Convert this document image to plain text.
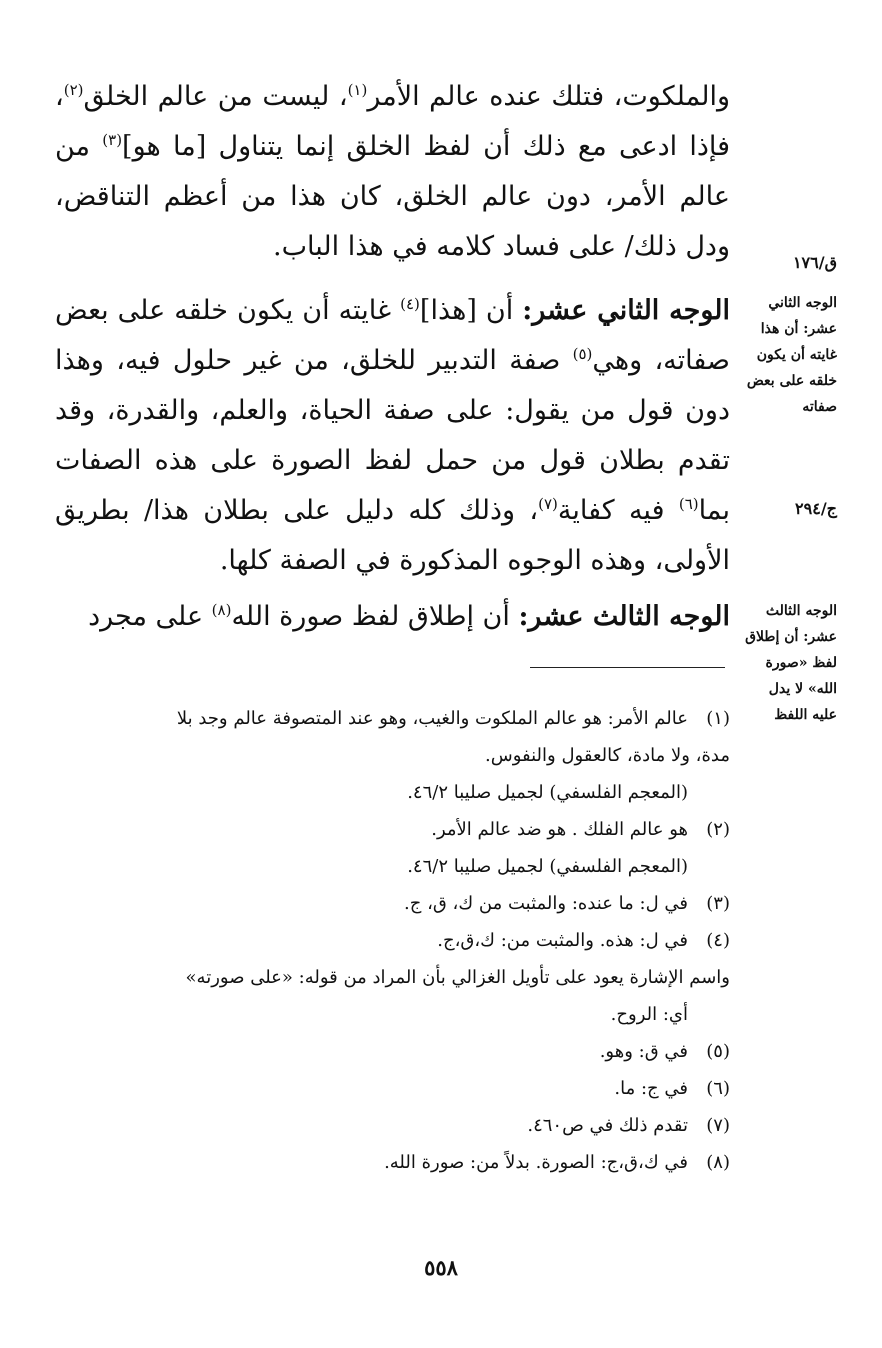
والملكوت، فتلك عنده عالم الأمر$^{(١)}$، ليست من عالم الخلق$^{(٢)}$، فإذا ادعى مع ذلك أن لفظ الخلق إنما يتناول [ما هو]$^{(٣)}$ من عالم الأمر، دون عالم الخلق، كان هذا من أعظم التناقض، ودل ذلك/ على فساد كلامه في هذا الباب.

الوجه الثاني عشر: أن [هذا]$^{(٤)}$ غايته أن يكون خلقه على بعض صفاته، وهي$^{(٥)}$ صفة التدبير للخلق، من غير حلول فيه، وهذا دون قول من يقول: على صفة الحياة، والعلم، والقدرة، وقد تقدم بطلان قول من حمل لفظ الصورة على هذه الصفات بما$^{(٦)}$ فيه كفاية$^{(٧)}$، وذلك كله دليل على بطلان هذا/ بطريق الأولى، وهذه الوجوه المذكورة في الصفة كلها.

الوجه الثالث عشر: أن إطلاق لفظ صورة الله$^{(٨)}$ على مجرد

ق/١٧٦

الوجه الثاني عشر: أن هذا غايته أن يكون خلقه على بعض صفاته

ج/٢٩٤

الوجه الثالث عشر: أن إطلاق لفظ «صورة الله» لا يدل عليه اللفظ

(١)
عالم الأمر: هو عالم الملكوت والغيب، وهو عند المتصوفة عالم وجد بلا
مدة، ولا مادة، كالعقول والنفوس.
(المعجم الفلسفي) لجميل صليبا ٤٦/٢.
(٢)
هو عالم الفلك . هو ضد عالم الأمر.
(المعجم الفلسفي) لجميل صليبا ٤٦/٢.
(٣)
في ل: ما عنده: والمثبت من ك، ق، ج.
(٤)
في ل: هذه. والمثبت من: ك،ق،ج.
واسم الإشارة يعود على تأويل الغزالي بأن المراد من قوله: «على صورته»
أي: الروح.
(٥)
في ق: وهو.
(٦)
في ج: ما.
(٧)
تقدم ذلك في ص٤٦٠.
(٨)
في ك،ق،ج: الصورة. بدلاً من: صورة الله.
٥٥٨
